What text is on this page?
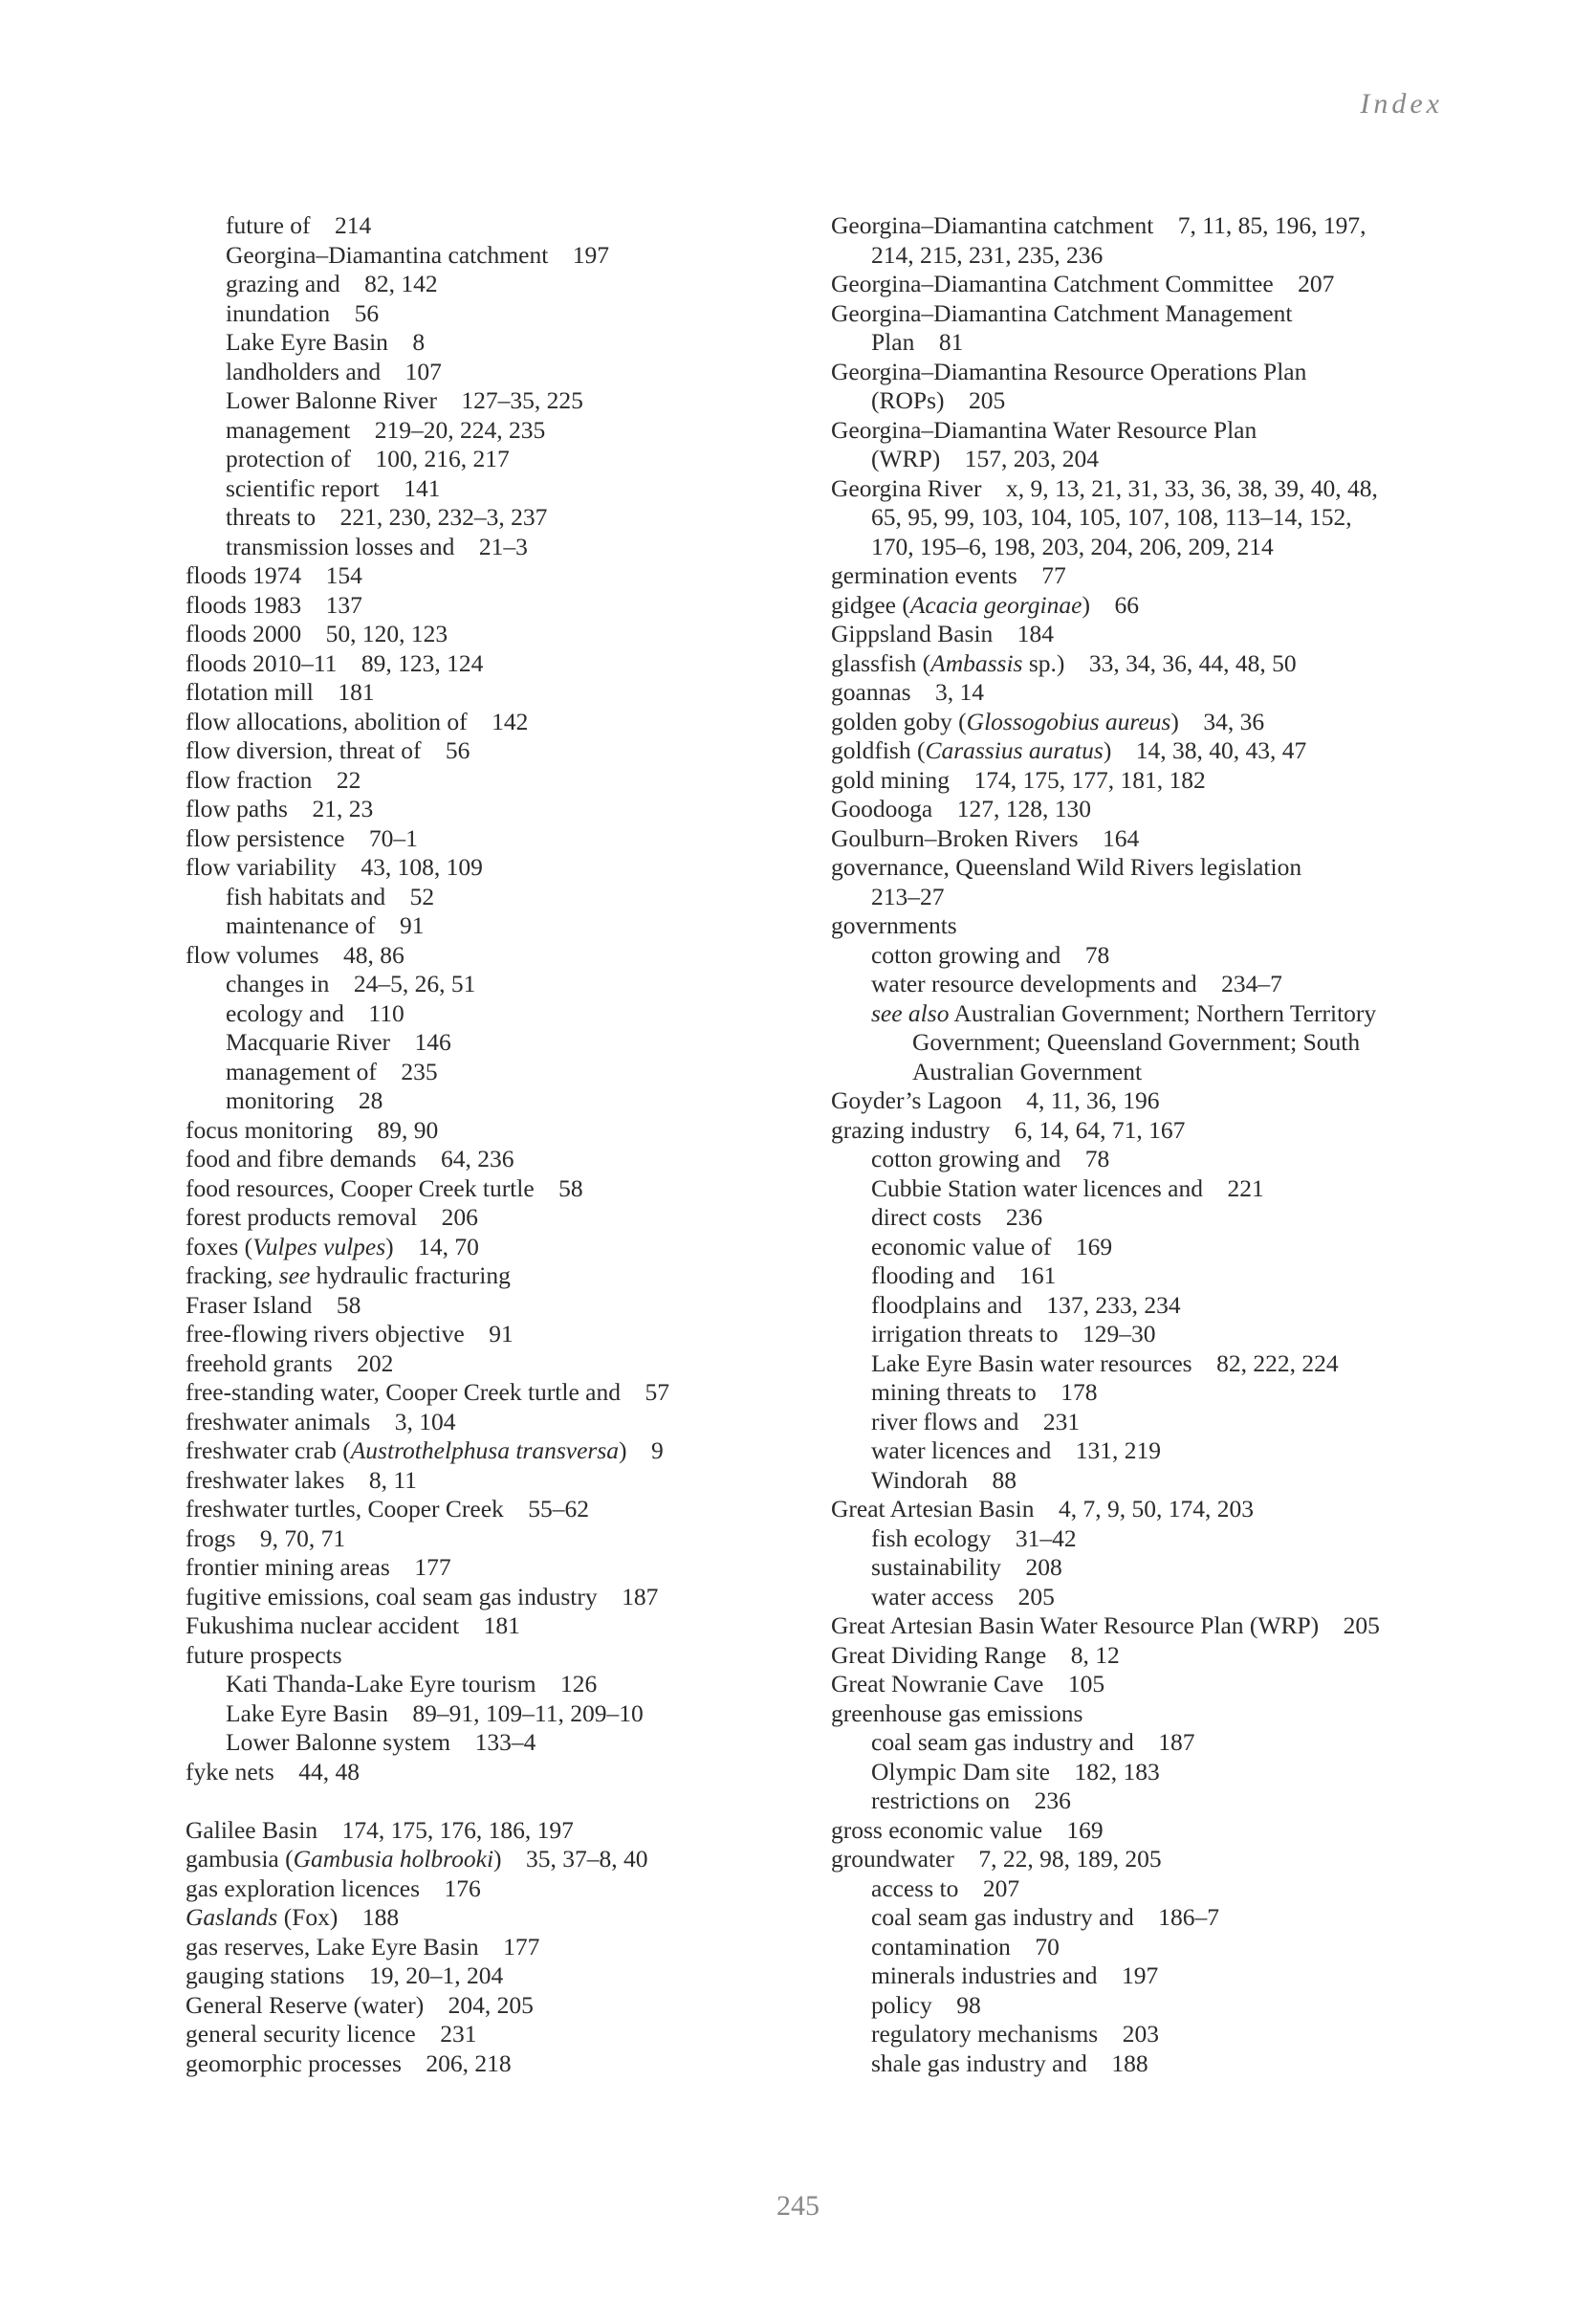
Index
future of    214
Georgina–Diamantina catchment    197
grazing and    82, 142
inundation    56
Lake Eyre Basin    8
landholders and    107
Lower Balonne River    127–35, 225
management    219–20, 224, 235
protection of    100, 216, 217
scientific report    141
threats to    221, 230, 232–3, 237
transmission losses and    21–3
floods 1974    154
floods 1983    137
floods 2000    50, 120, 123
floods 2010–11    89, 123, 124
flotation mill    181
flow allocations, abolition of    142
flow diversion, threat of    56
flow fraction    22
flow paths    21, 23
flow persistence    70–1
flow variability    43, 108, 109
fish habitats and    52
maintenance of    91
flow volumes    48, 86
changes in    24–5, 26, 51
ecology and    110
Macquarie River    146
management of    235
monitoring    28
focus monitoring    89, 90
food and fibre demands    64, 236
food resources, Cooper Creek turtle    58
forest products removal    206
foxes (Vulpes vulpes)    14, 70
fracking, see hydraulic fracturing
Fraser Island    58
free-flowing rivers objective    91
freehold grants    202
free-standing water, Cooper Creek turtle and    57
freshwater animals    3, 104
freshwater crab (Austrothelphusa transversa)    9
freshwater lakes    8, 11
freshwater turtles, Cooper Creek    55–62
frogs    9, 70, 71
frontier mining areas    177
fugitive emissions, coal seam gas industry    187
Fukushima nuclear accident    181
future prospects
Kati Thanda-Lake Eyre tourism    126
Lake Eyre Basin    89–91, 109–11, 209–10
Lower Balonne system    133–4
fyke nets    44, 48
Galilee Basin    174, 175, 176, 186, 197
gambusia (Gambusia holbrooki)    35, 37–8, 40
gas exploration licences    176
Gaslands (Fox)    188
gas reserves, Lake Eyre Basin    177
gauging stations    19, 20–1, 204
General Reserve (water)    204, 205
general security licence    231
geomorphic processes    206, 218
Georgina–Diamantina catchment    7, 11, 85, 196, 197,
214, 215, 231, 235, 236
Georgina–Diamantina Catchment Committee    207
Georgina–Diamantina Catchment Management
Plan    81
Georgina–Diamantina Resource Operations Plan
(ROPs)    205
Georgina–Diamantina Water Resource Plan
(WRP)    157, 203, 204
Georgina River    x, 9, 13, 21, 31, 33, 36, 38, 39, 40, 48,
65, 95, 99, 103, 104, 105, 107, 108, 113–14, 152,
170, 195–6, 198, 203, 204, 206, 209, 214
germination events    77
gidgee (Acacia georginae)    66
Gippsland Basin    184
glassfish (Ambassis sp.)    33, 34, 36, 44, 48, 50
goannas    3, 14
golden goby (Glossogobius aureus)    34, 36
goldfish (Carassius auratus)    14, 38, 40, 43, 47
gold mining    174, 175, 177, 181, 182
Goodooga    127, 128, 130
Goulburn–Broken Rivers    164
governance, Queensland Wild Rivers legislation
213–27
governments
cotton growing and    78
water resource developments and    234–7
see also Australian Government; Northern Territory
Government; Queensland Government; South
Australian Government
Goyder’s Lagoon    4, 11, 36, 196
grazing industry    6, 14, 64, 71, 167
cotton growing and    78
Cubbie Station water licences and    221
direct costs    236
economic value of    169
flooding and    161
floodplains and    137, 233, 234
irrigation threats to    129–30
Lake Eyre Basin water resources    82, 222, 224
mining threats to    178
river flows and    231
water licences and    131, 219
Windorah    88
Great Artesian Basin    4, 7, 9, 50, 174, 203
fish ecology    31–42
sustainability    208
water access    205
Great Artesian Basin Water Resource Plan (WRP)    205
Great Dividing Range    8, 12
Great Nowranie Cave    105
greenhouse gas emissions
coal seam gas industry and    187
Olympic Dam site    182, 183
restrictions on    236
gross economic value    169
groundwater    7, 22, 98, 189, 205
access to    207
coal seam gas industry and    186–7
contamination    70
minerals industries and    197
policy    98
regulatory mechanisms    203
shale gas industry and    188
245
